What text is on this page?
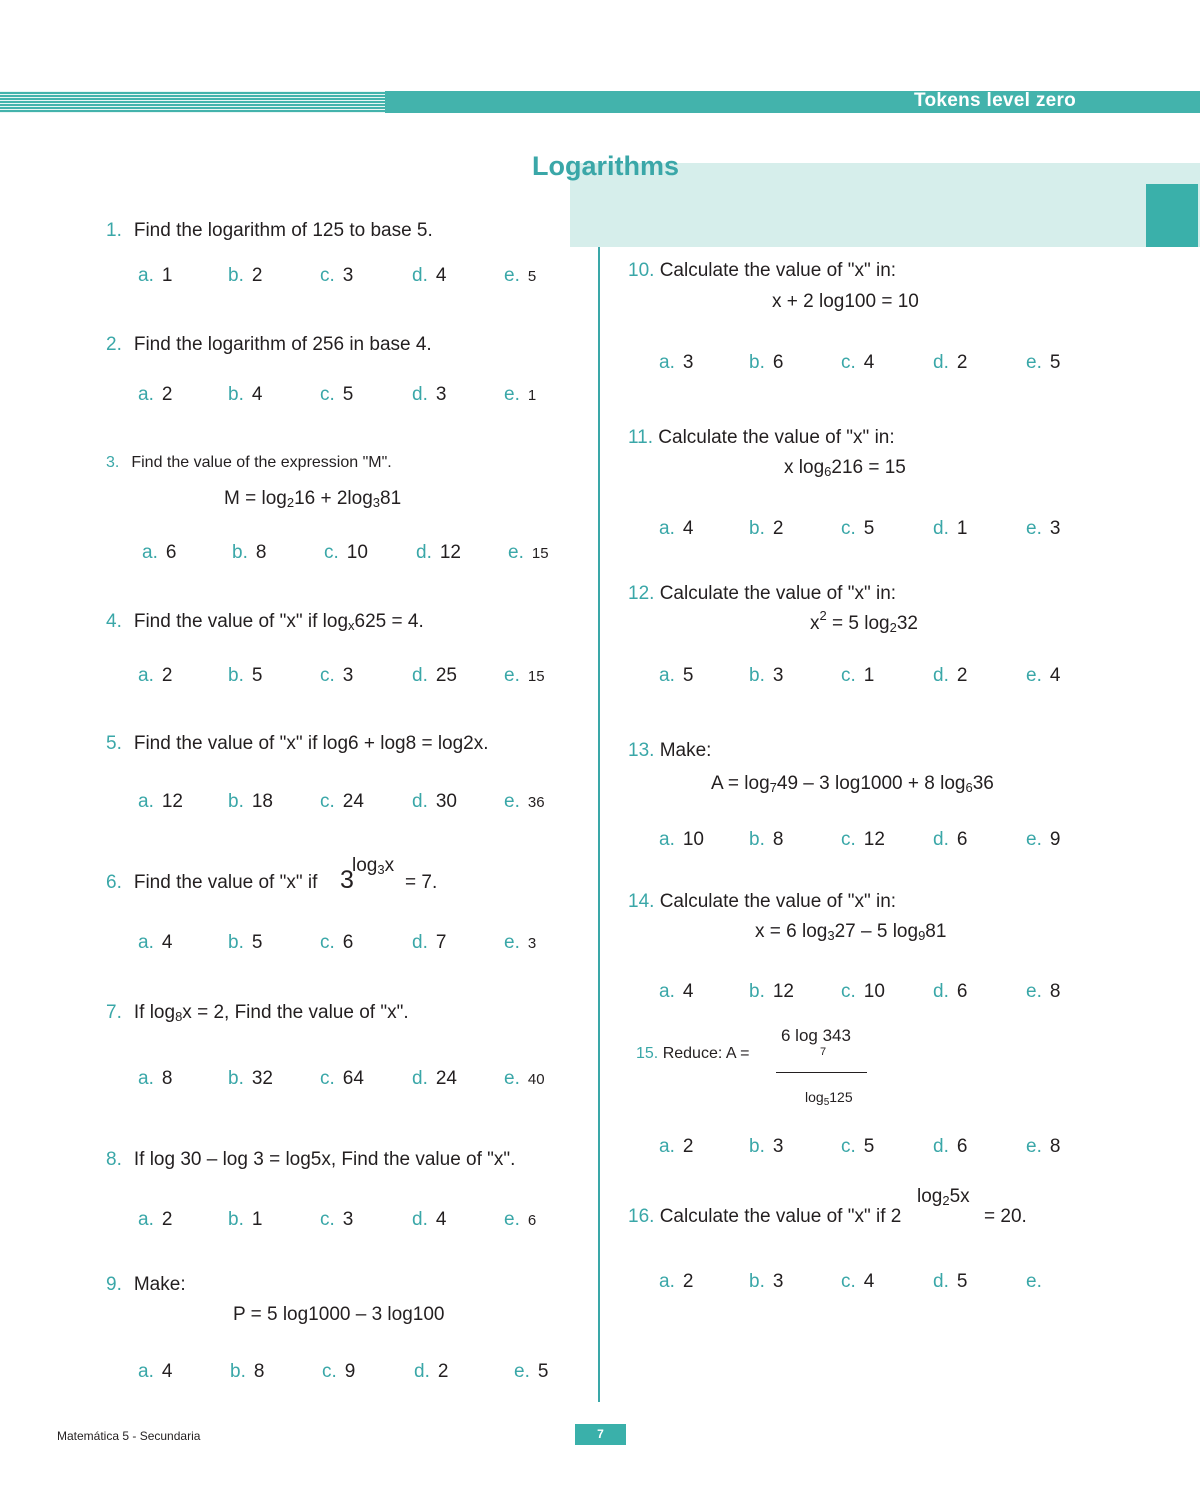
Tokens level zero
Logarithms
1. Find the logarithm of 125 to base 5.
a. 1	b. 2	c. 3	d. 4	e. 5
2. Find the logarithm of 256 in base 4.
a. 2	b. 4	c. 5	d. 3	e. 1
3. Find the value of the expression "M".
$M = \log_216 + 2\log_381$
a. 6	b. 8	c. 10	d. 12 e. 15
4. Find the value of "x" if $\log_x625 = 4$.
a. 2	b. 5	c. 3	d. 25 e. 15
5. Find the value of "x" if log6 + log8 = log2x.
a. 12 b. 18 c. 24	d. 30 e. 36
6. Find the value of "x" if 3
$\log_3x$
= 7.
a. 4	b. 5	c. 6	d. 7	e. 3
7. If $\log_8x = 2$, Find the value of "x".
a. 8	b. 32 c. 64	d. 24 e. 40
8. If log 30 – log 3 = log5x, Find the value of "x".
a. 2	b. 1	c. 3	d. 4	e. 6
9. Make:
P = 5 log1000 – 3 log100
a. 4	b. 8	c. 9	d. 2	e. 5
10. Calculate the value of "x" in:
x + 2 log100 = 10
a. 3	b. 6	c. 4	d. 2	e. 5
11. Calculate the value of "x" in:
x $\log_6216 = 15$
a. 4	b. 2	c. 5	d. 1	e. 3
12. Calculate the value of "x" in:
$x^2 = 5$ $\log_232$
a. 5	b. 3	c. 1	d. 2	e. 4
13. Make:
$A = \log_749 - 3$ log1000 + 8 $\log_636$
a. 10 b. 8	c. 12	d. 6	e. 9
14. Calculate the value of "x" in:
x = 6 $\log_327 - 5$ $\log_981$
a. 4	b. 12 c. 10	d. 6	e. 8
15. Reduce: A =
6 log 343
7
$\log_5125$
a. 2	b. 3	c. 5	d. 6	e. 8
16. Calculate the value of "x" if 2
$\log_25x$
= 20.
a. 2	b. 3	c. 4	d. 5	e.
Matemática 5 - Secundaria	7
